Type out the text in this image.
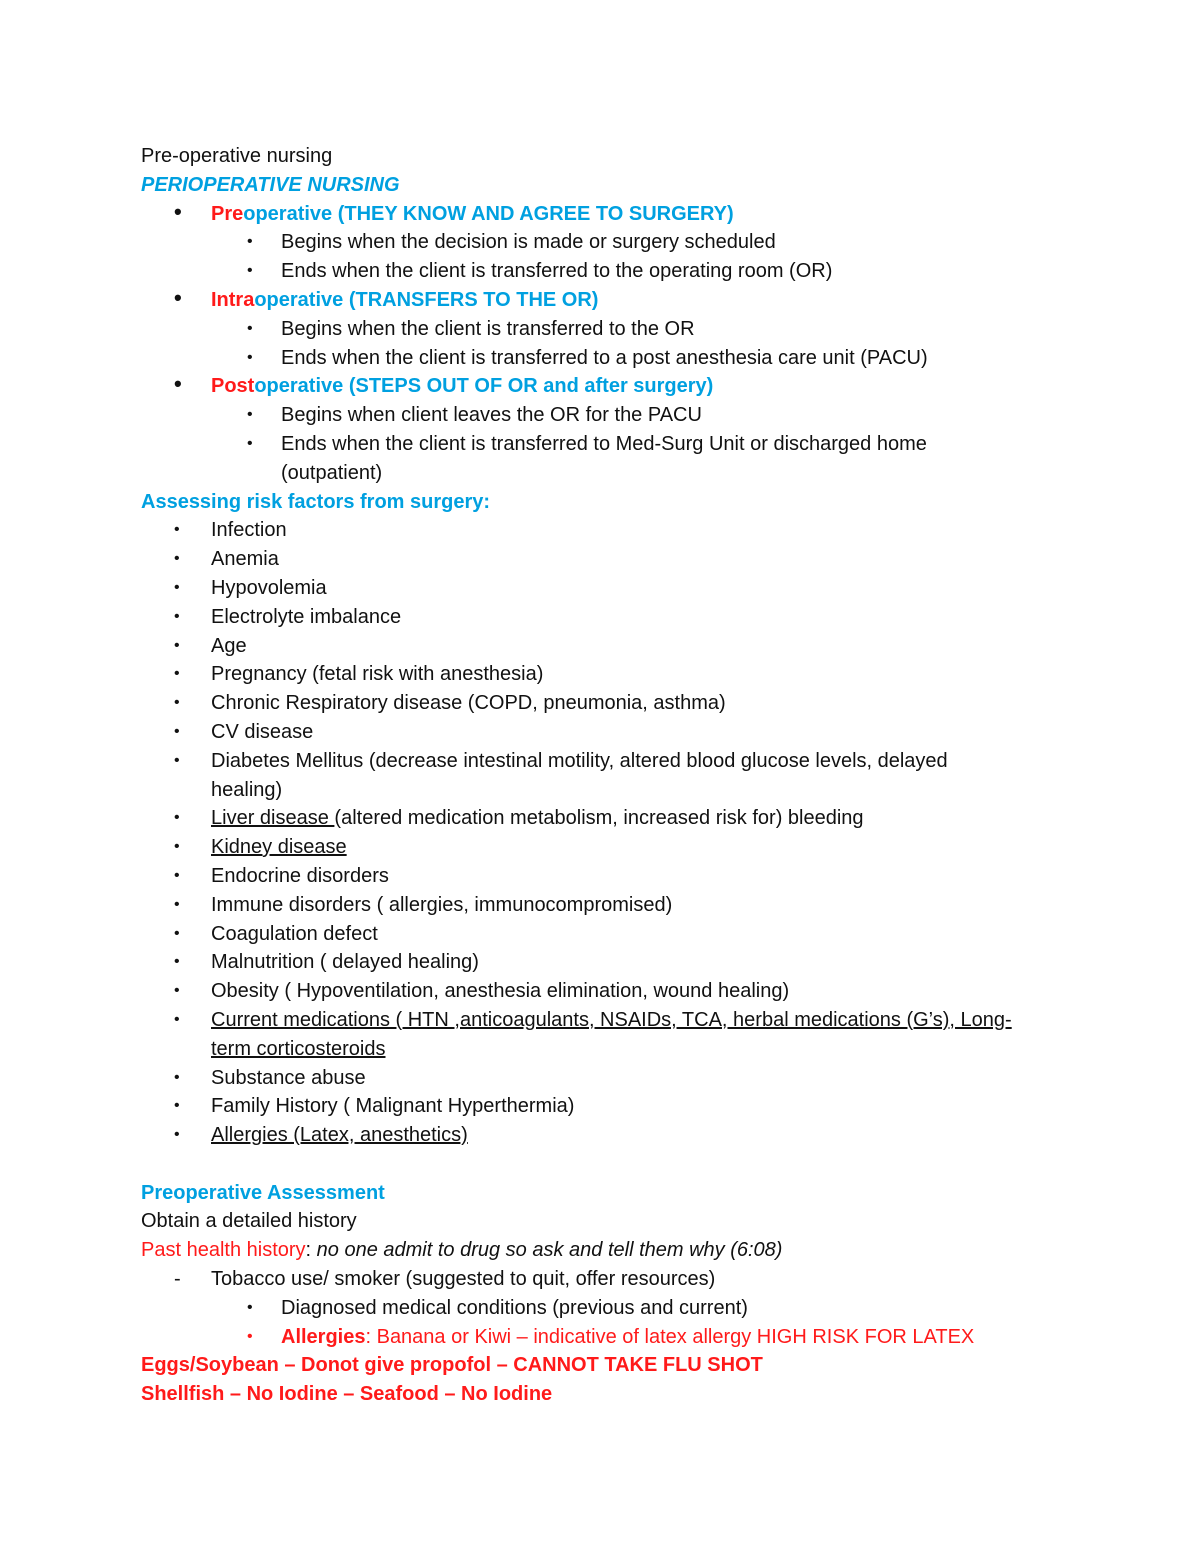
Pre-operative nursing
PERIOPERATIVE NURSING
• Preoperative (THEY KNOW AND AGREE TO SURGERY)
• Begins when the decision is made or surgery scheduled
• Ends when the client is transferred to the operating room (OR)
• Intraoperative (TRANSFERS TO THE OR)
• Begins when the client is transferred to the OR
• Ends when the client is transferred to a post anesthesia care unit (PACU)
• Postoperative (STEPS OUT OF OR and after surgery)
• Begins when client leaves the OR for the PACU
• Ends when the client is transferred to Med-Surg Unit or discharged home
(outpatient)
Assessing risk factors from surgery:
• Infection
• Anemia
• Hypovolemia
• Electrolyte imbalance
• Age
• Pregnancy (fetal risk with anesthesia)
• Chronic Respiratory disease (COPD, pneumonia, asthma)
• CV disease
• Diabetes Mellitus (decrease intestinal motility, altered blood glucose levels, delayed
healing)
• Liver disease (altered medication metabolism, increased risk for) bleeding
• Kidney disease
• Endocrine disorders
• Immune disorders ( allergies, immunocompromised)
• Coagulation defect
• Malnutrition ( delayed healing)
• Obesity ( Hypoventilation, anesthesia elimination, wound healing)
• Current medications ( HTN ,anticoagulants, NSAIDs, TCA, herbal medications (G’s), Long-
term corticosteroids
• Substance abuse
• Family History ( Malignant Hyperthermia)
• Allergies (Latex, anesthetics)
Preoperative Assessment
Obtain a detailed history
Past health history: no one admit to drug so ask and tell them why (6:08)
- Tobacco use/ smoker (suggested to quit, offer resources)
• Diagnosed medical conditions (previous and current)
• Allergies: Banana or Kiwi – indicative of latex allergy HIGH RISK FOR LATEX
Eggs/Soybean – Donot give propofol – CANNOT TAKE FLU SHOT
Shellfish – No Iodine – Seafood – No Iodine
